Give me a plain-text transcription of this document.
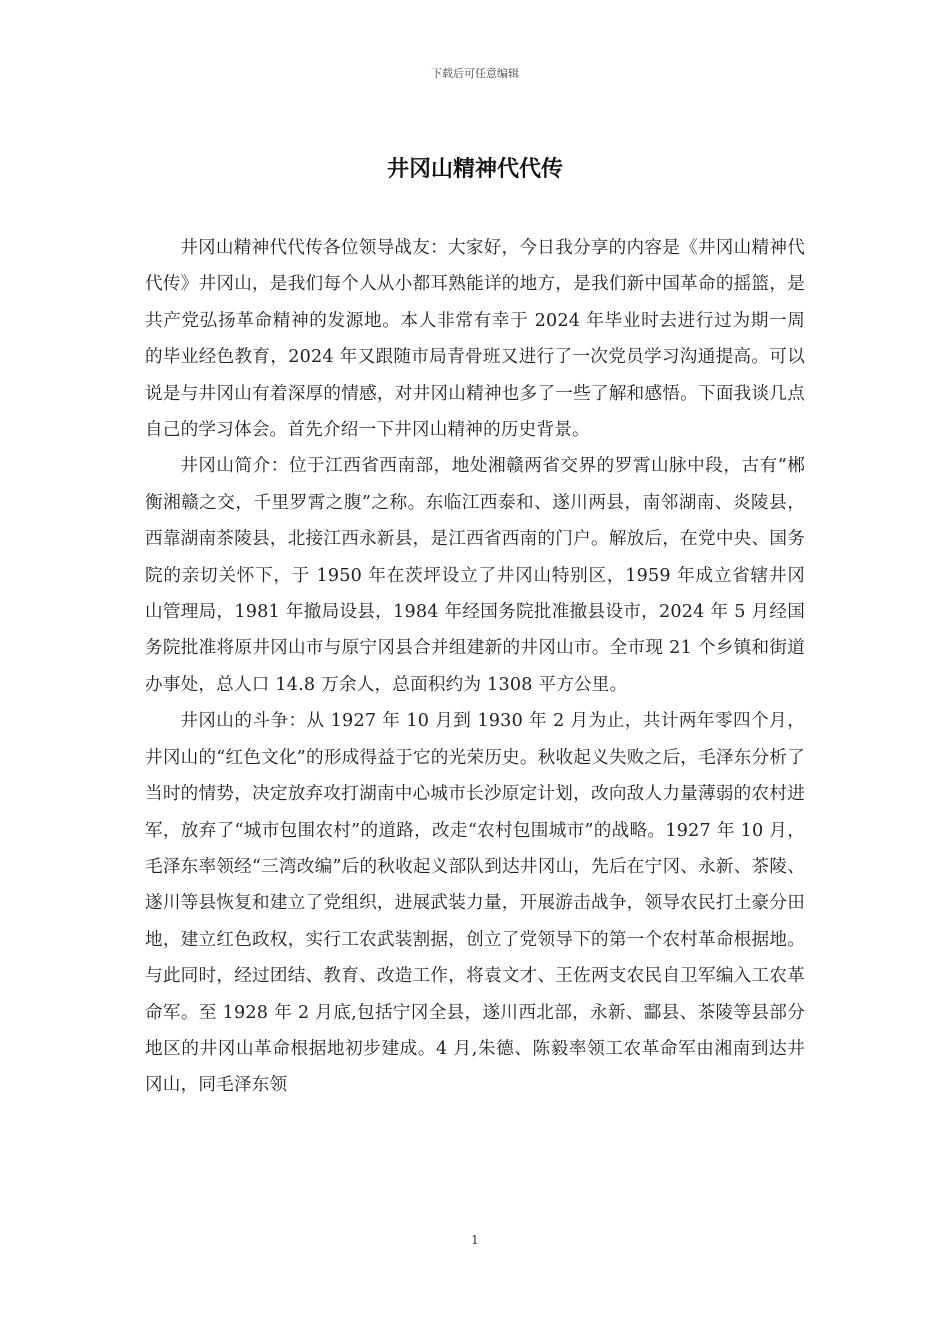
下载后可任意编辑
井冈山精神代代传

井冈山精神代代传各位领导战友：大家好，今日我分享的内容是《井冈山精神代代传》井冈山，是我们每个人从小都耳熟能详的地方，是我们新中国革命的摇篮，是共产党弘扬革命精神的发源地。本人非常有幸于 2024 年毕业时去进行过为期一周的毕业经色教育，2024 年又跟随市局青骨班又进行了一次党员学习沟通提高。可以说是与井冈山有着深厚的情感，对井冈山精神也多了一些了解和感悟。下面我谈几点自己的学习体会。首先介绍一下井冈山精神的历史背景。

井冈山简介：位于江西省西南部，地处湘赣两省交界的罗霄山脉中段，古有“郴衡湘赣之交，千里罗霄之腹”之称。东临江西泰和、遂川两县，南邻湖南、炎陵县，西靠湖南茶陵县，北接江西永新县，是江西省西南的门户。解放后，在党中央、国务院的亲切关怀下，于 1950 年在茨坪设立了井冈山特别区，1959 年成立省辖井冈山管理局，1981 年撤局设县，1984 年经国务院批准撤县设市，2024 年 5 月经国务院批准将原井冈山市与原宁冈县合并组建新的井冈山市。全市现 21 个乡镇和街道办事处，总人口 14.8 万余人，总面积约为 1308 平方公里。

井冈山的斗争：从 1927 年 10 月到 1930 年 2 月为止，共计两年零四个月，井冈山的“红色文化”的形成得益于它的光荣历史。秋收起义失败之后，毛泽东分析了当时的情势，决定放弃攻打湖南中心城市长沙原定计划，改向敌人力量薄弱的农村进军，放弃了“城市包围农村”的道路，改走“农村包围城市”的战略。1927 年 10 月，毛泽东率领经“三湾改编”后的秋收起义部队到达井冈山，先后在宁冈、永新、茶陵、遂川等县恢复和建立了党组织，进展武装力量，开展游击战争，领导农民打土豪分田地，建立红色政权，实行工农武装割据，创立了党领导下的第一个农村革命根据地。与此同时，经过团结、教育、改造工作，将袁文才、王佐两支农民自卫军编入工农革命军。至 1928 年 2 月底,包括宁冈全县，遂川西北部，永新、酃县、茶陵等县部分地区的井冈山革命根据地初步建成。4 月,朱德、陈毅率领工农革命军由湘南到达井冈山，同毛泽东领

1
